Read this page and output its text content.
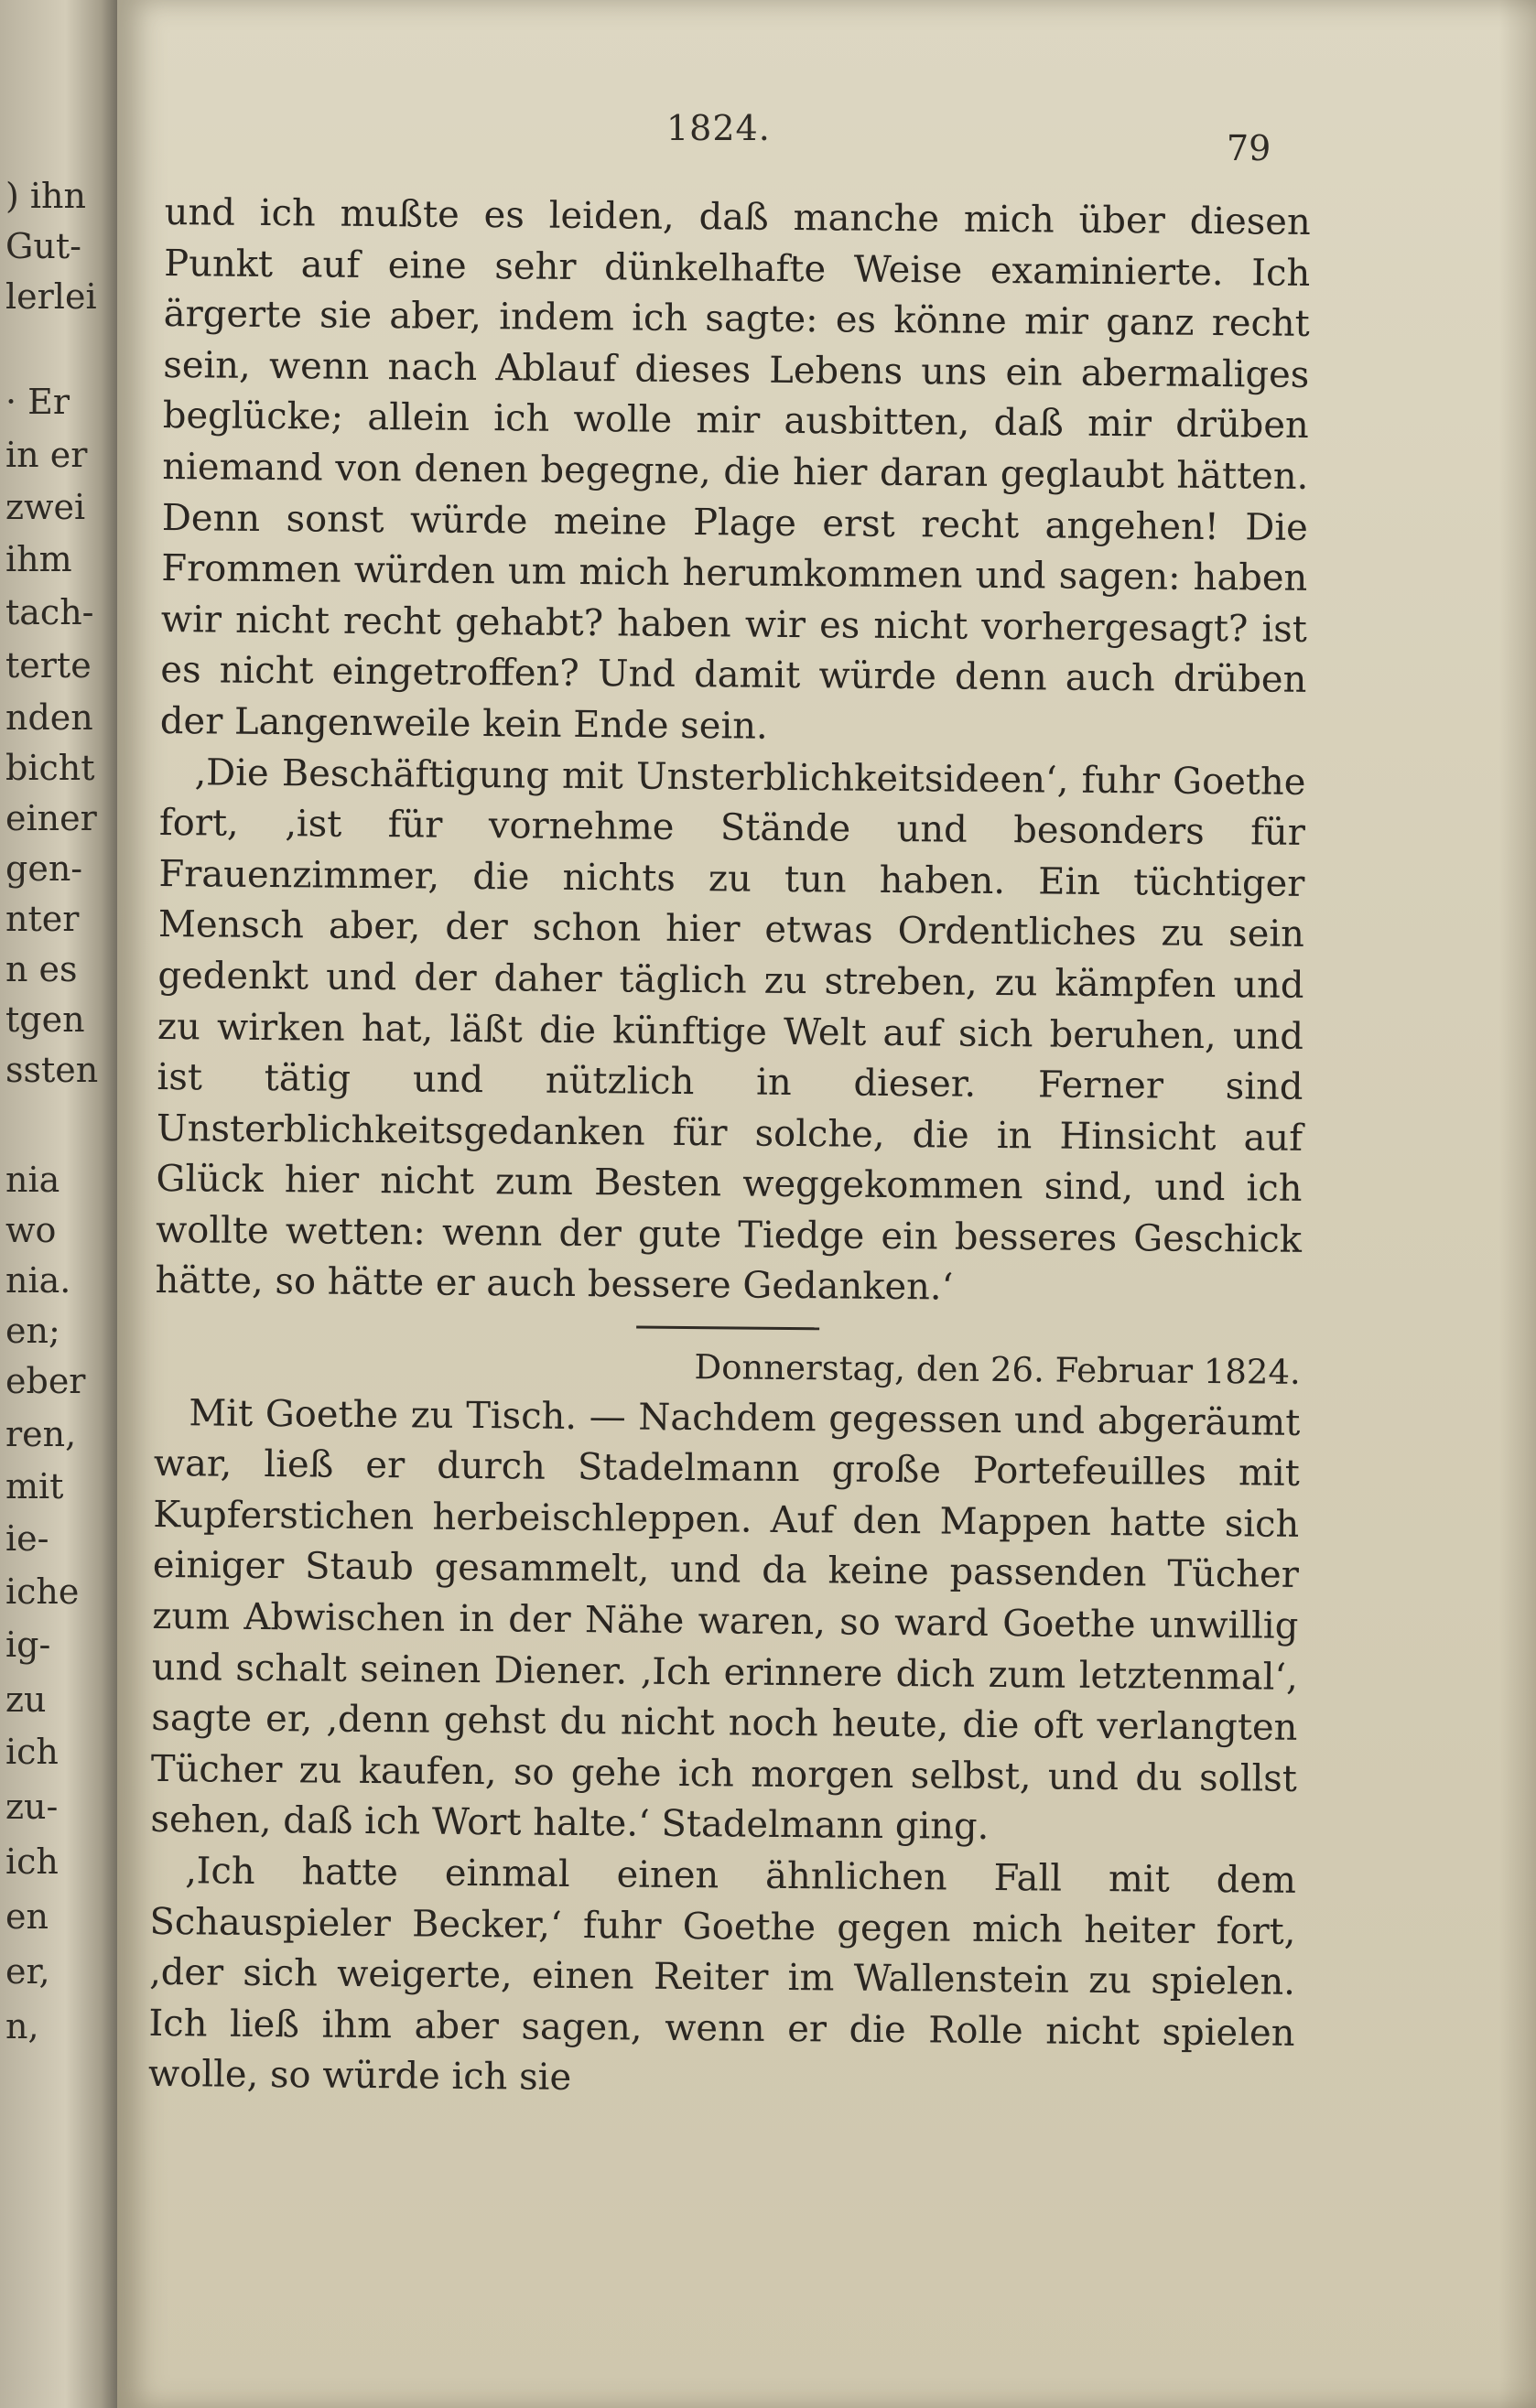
) ihn
Gut-
lerlei
· Er
in er
zwei
ihm
tach-
terte
nden
bicht
einer
gen-
nter
n es
tgen
ssten
nia
wo
nia.
en;
eber
ren,
mit
ie-
iche
ig-
zu
ich
zu-
ich
en
er,
n,
1824.	79

und ich mußte es leiden, daß manche mich über diesen Punkt auf eine sehr dünkelhafte Weise examinierte. Ich ärgerte sie aber, indem ich sagte: es könne mir ganz recht sein, wenn nach Ablauf dieses Lebens uns ein abermaliges beglücke; allein ich wolle mir ausbitten, daß mir drüben niemand von denen begegne, die hier daran geglaubt hätten. Denn sonst würde meine Plage erst recht angehen! Die Frommen würden um mich herumkommen und sagen: haben wir nicht recht gehabt? haben wir es nicht vorhergesagt? ist es nicht eingetroffen? Und damit würde denn auch drüben der Langenweile kein Ende sein.

‚Die Beschäftigung mit Unsterblichkeitsideen‘, fuhr Goethe fort, ‚ist für vornehme Stände und besonders für Frauenzimmer, die nichts zu tun haben. Ein tüchtiger Mensch aber, der schon hier etwas Ordentliches zu sein gedenkt und der daher täglich zu streben, zu kämpfen und zu wirken hat, läßt die künftige Welt auf sich beruhen, und ist tätig und nützlich in dieser. Ferner sind Unsterblichkeitsgedanken für solche, die in Hinsicht auf Glück hier nicht zum Besten weggekommen sind, und ich wollte wetten: wenn der gute Tiedge ein besseres Geschick hätte, so hätte er auch bessere Gedanken.‘

Donnerstag, den 26. Februar 1824.

Mit Goethe zu Tisch. — Nachdem gegessen und abgeräumt war, ließ er durch Stadelmann große Portefeuilles mit Kupferstichen herbeischleppen. Auf den Mappen hatte sich einiger Staub gesammelt, und da keine passenden Tücher zum Abwischen in der Nähe waren, so ward Goethe unwillig und schalt seinen Diener. ‚Ich erinnere dich zum letztenmal‘, sagte er, ‚denn gehst du nicht noch heute, die oft verlangten Tücher zu kaufen, so gehe ich morgen selbst, und du sollst sehen, daß ich Wort halte.‘ Stadelmann ging.

‚Ich hatte einmal einen ähnlichen Fall mit dem Schauspieler Becker,‘ fuhr Goethe gegen mich heiter fort, ‚der sich weigerte, einen Reiter im Wallenstein zu spielen. Ich ließ ihm aber sagen, wenn er die Rolle nicht spielen wolle, so würde ich sie
